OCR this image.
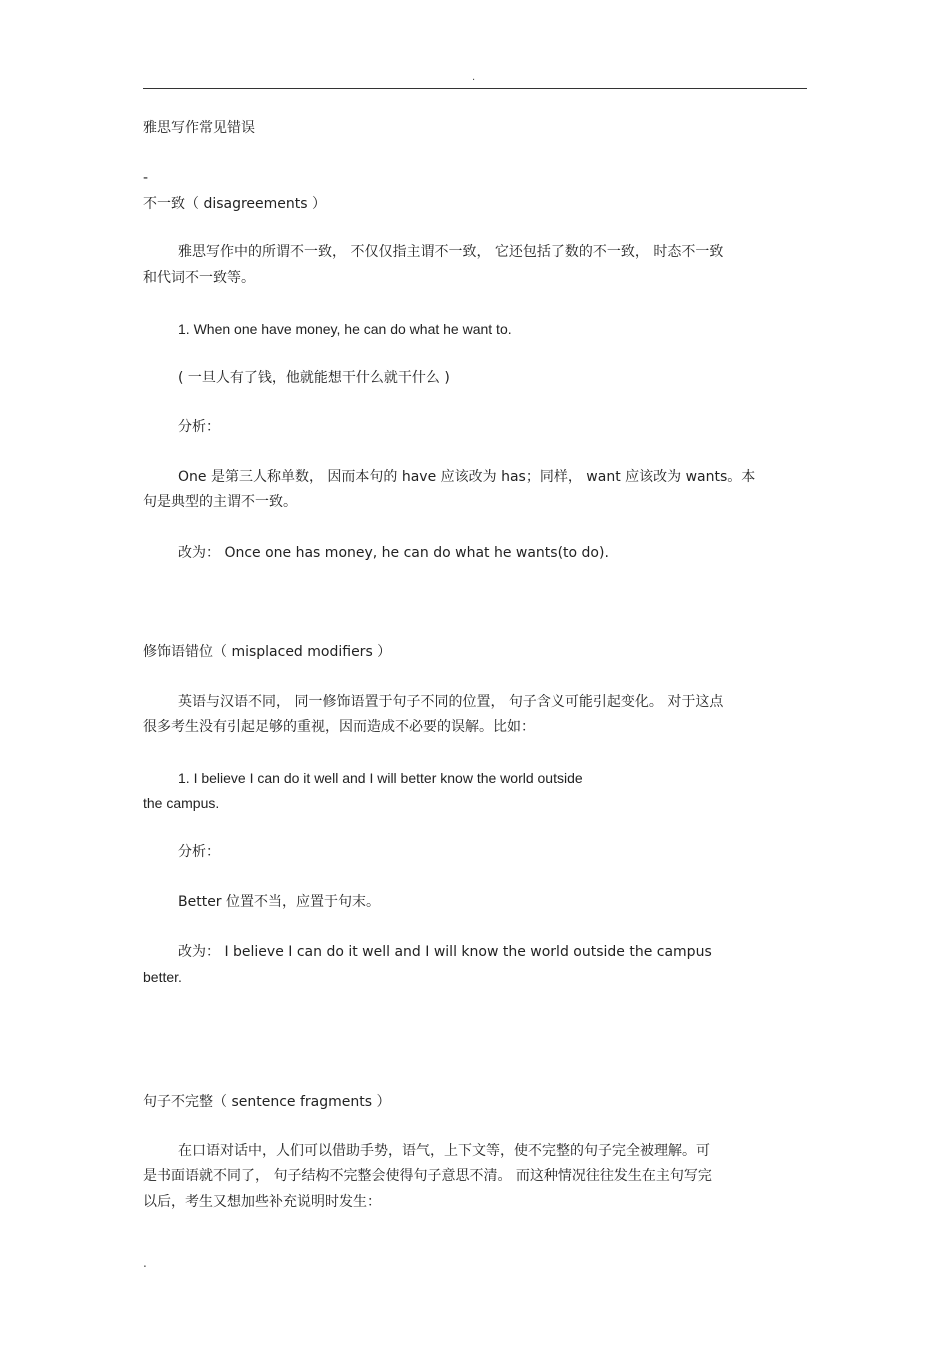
.
雅思写作常见错误
-
不一致（ disagreements ）
雅思写作中的所谓不一致， 不仅仅指主谓不一致， 它还包括了数的不一致， 时态不一致
和代词不一致等。
1. When one have money, he can do what he want to.
( 一旦人有了钱，他就能想干什么就干什么 )
分析：
One 是第三人称单数， 因而本句的 have 应该改为 has；同样， want 应该改为 wants。本
句是典型的主谓不一致。
改为： Once one has money, he can do what he wants(to do).
修饰语错位（ misplaced modifiers ）
英语与汉语不同， 同一修饰语置于句子不同的位置， 句子含义可能引起变化。 对于这点
很多考生没有引起足够的重视，因而造成不必要的误解。比如：
1. I believe I can do it well and I will better know the world outside
the campus.
分析：
Better 位置不当，应置于句末。
改为： I believe I can do it well and I will know the world outside the campus
better.
句子不完整（ sentence fragments ）
在口语对话中，人们可以借助手势，语气，上下文等，使不完整的句子完全被理解。可
是书面语就不同了， 句子结构不完整会使得句子意思不清。 而这种情况往往发生在主句写完
以后，考生又想加些补充说明时发生：
.
